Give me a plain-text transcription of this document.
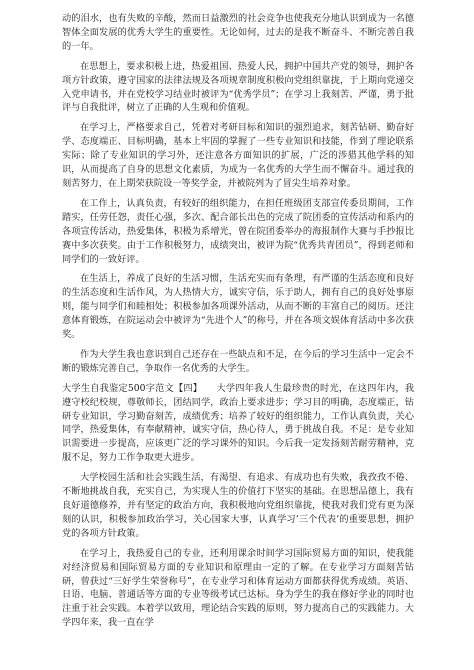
动的泪水，也有失败的辛酸，然而日益激烈的社会竞争也使我充分地认识到成为一名德智体全面发展的优秀大学生的重要性。无论如何，过去的是我不断奋斗、不断完善自我的一年。

在思想上，要求积极上进，热爱祖国、热爱人民，拥护中国共产党的领导，拥护各项方针政策，遵守国家的法律法规及各项规章制度积极向党组织靠拢，于上期向党递交入党申请书，并在党校学习结业时被评为“优秀学员”；在学习上我刻苦、严谨，勇于批评与自我批评，树立了正确的人生观和价值观。

在学习上，严格要求自己，凭着对考研目标和知识的强烈追求，刻苦钻研、勤奋好学、态度端正、目标明确，基本上牢固的掌握了一些专业知识和技能，作到了理论联系实际；除了专业知识的学习外，还注意各方面知识的扩展，广泛的涉猎其他学科的知识，从而提高了自身的思想文化素质，为成为一名优秀的大学生而不懈奋斗。通过我的刻苦努力，在上期荣获院设一等奖学金，并被院列为了冒尖生培养对象。

在工作上，认真负责，有较好的组织能力，在担任班级团支部宣传委员期间，工作踏实，任劳任怨，责任心强，多次、配合部长出色的完成了院团委的宣传活动和系内的各项宣传活动，热爱集体，积极为系增光，曾在院团委举办的海报制作大赛与手抄报比赛中多次获奖。由于工作积极努力，成绩突出，被评为院“优秀共青团员”，得到老师和同学们的一致好评。

在生活上，养成了良好的生活习惯，生活充实而有条理，有严谨的生活态度和良好的生活态度和生活作风，为人热情大方，诚实守信，乐于助人，拥有自己的良好处事原则，能与同学们和睦相处；积极参加各项课外活动，从而不断的丰富自己的阅历。还注意体育锻炼，在院运动会中被评为“先进个人”的称号，并在各项文娱体育活动中多次获奖。

作为大学生我也意识到自己还存在一些缺点和不足，在今后的学习生活中一定会不断的锻炼完善自己，争取作一名优秀的大学生。

大学生自我鉴定500字范文【四】　　 大学四年我人生最珍贵的时光，在这四年内，我遵守校纪校规，尊敬师长，团结同学，政治上要求进步；学习目的明确，态度端正，钻研专业知识，学习勤奋刻苦，成绩优秀；培养了较好的组织能力，工作认真负责，关心同学，热爱集体，有奉献精神，诚实守信，热心待人，勇于挑战自我。不足：是专业知识需要进一步提高，应该更广泛的学习课外的知识。今后我一定发扬刻苦耐劳精神，克服不足，努力工作争取更大进步。

大学校园生活和社会实践生活，有渴望、有追求、有成功也有失败，我孜孜不倦、不断地挑战自我，充实自己，为实现人生的价值打下坚实的基础。在思想品德上，我有良好道德修养，并有坚定的政治方向，我积极地向党组织靠拢，使我对我们党有更为深刻的认识，积极参加政治学习，关心国家大事，认真学习’三个代表’的重要思想，拥护党的各项方针政策。

在学习上，我热爱自己的专业，还利用课余时间学习国际贸易方面的知识，使我能对经济贸易和国际贸易方面的专业知识和原理由一定的了解。在专业学习方面刻苦钻研，曾获过“三好学生荣誉称号”，在专业学习和体育运动方面都获得优秀成绩。英语、日语、电脑、普通话等方面的专业等级考试已达标。身为学生的我在修好学业的同时也注重于社会实践。本着学以致用，理论结合实践的原则，努力提高自己的实践能力。大学四年来，我一直在学
